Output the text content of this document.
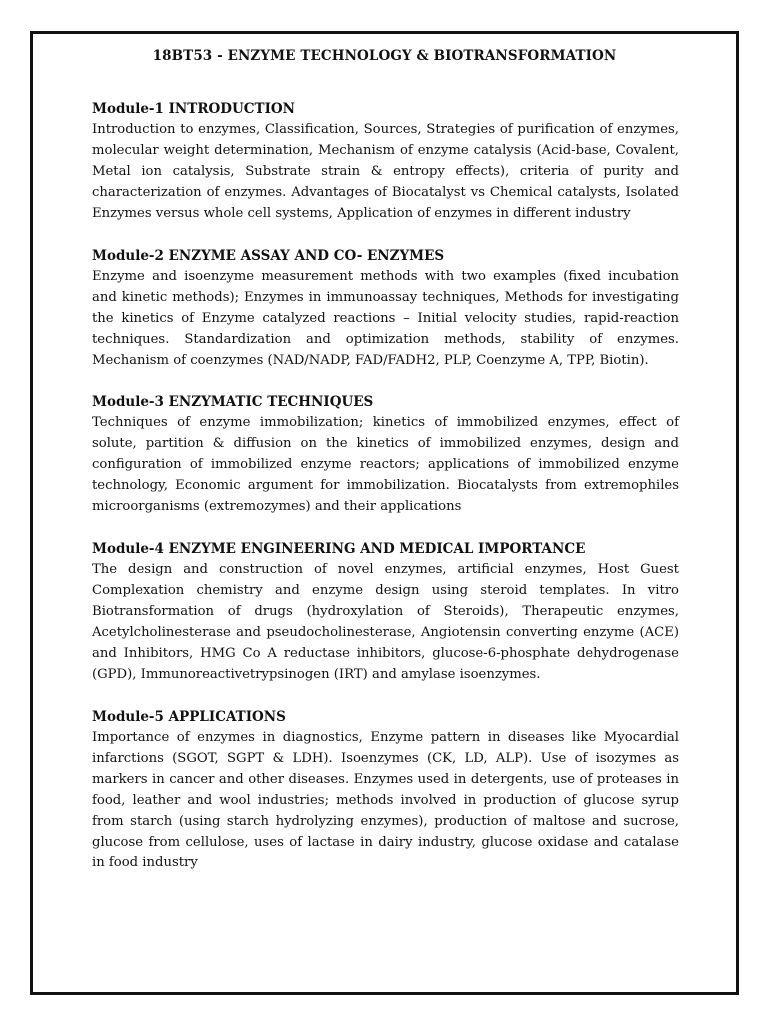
18BT53 - ENZYME TECHNOLOGY & BIOTRANSFORMATION

Module-1 INTRODUCTION

Introduction to enzymes, Classification, Sources, Strategies of purification of enzymes, molecular weight determination, Mechanism of enzyme catalysis (Acid-base, Covalent, Metal ion catalysis, Substrate strain & entropy effects), criteria of purity and characterization of enzymes. Advantages of Biocatalyst vs Chemical catalysts, Isolated Enzymes versus whole cell systems, Application of enzymes in different industry

Module-2 ENZYME ASSAY AND CO- ENZYMES

Enzyme and isoenzyme measurement methods with two examples (fixed incubation and kinetic methods); Enzymes in immunoassay techniques, Methods for investigating the kinetics of Enzyme catalyzed reactions – Initial velocity studies, rapid-reaction techniques. Standardization and optimization methods, stability of enzymes. Mechanism of coenzymes (NAD/NADP, FAD/FADH2, PLP, Coenzyme A, TPP, Biotin).

Module-3 ENZYMATIC TECHNIQUES

Techniques of enzyme immobilization; kinetics of immobilized enzymes, effect of solute, partition & diffusion on the kinetics of immobilized enzymes, design and configuration of immobilized enzyme reactors; applications of immobilized enzyme technology, Economic argument for immobilization. Biocatalysts from extremophiles microorganisms (extremozymes) and their applications

Module-4 ENZYME ENGINEERING AND MEDICAL IMPORTANCE

The design and construction of novel enzymes, artificial enzymes, Host Guest Complexation chemistry and enzyme design using steroid templates. In vitro Biotransformation of drugs (hydroxylation of Steroids), Therapeutic enzymes, Acetylcholinesterase and pseudocholinesterase, Angiotensin converting enzyme (ACE) and Inhibitors, HMG Co A reductase inhibitors, glucose-6-phosphate dehydrogenase (GPD), Immunoreactivetrypsinogen (IRT) and amylase isoenzymes.

Module-5 APPLICATIONS

Importance of enzymes in diagnostics, Enzyme pattern in diseases like Myocardial infarctions (SGOT, SGPT & LDH). Isoenzymes (CK, LD, ALP). Use of isozymes as markers in cancer and other diseases. Enzymes used in detergents, use of proteases in food, leather and wool industries; methods involved in production of glucose syrup from starch (using starch hydrolyzing enzymes), production of maltose and sucrose, glucose from cellulose, uses of lactase in dairy industry, glucose oxidase and catalase in food industry
